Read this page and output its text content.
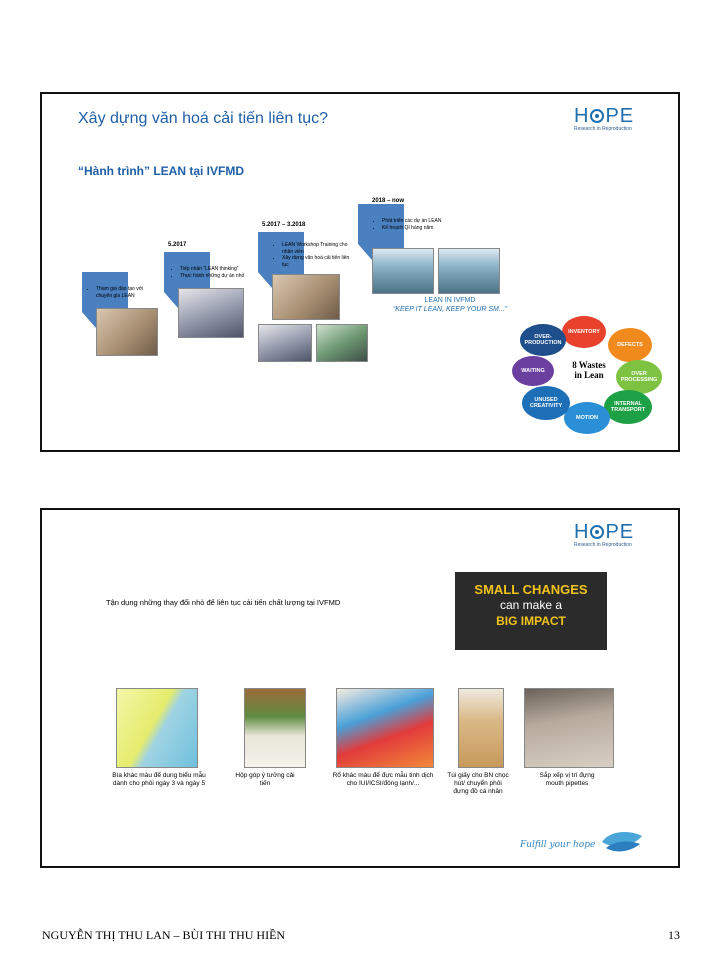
Xây dựng văn hoá cải tiến liên tục?	H PE
Research in Reproduction
“Hành trình” LEAN tại IVFMD
• Tham gia đào tạo với chuyên gia LEAN
5.2017
• Tiếp nhận “LEAN thinking”
• Thực hành những dự án nhỏ
5.2017 – 3.2018
• LEAN Workshop Training cho nhân viên
• Xây dựng văn hoá cải tiến liên tục
2018 – now
• Phát triển các dự án LEAN
• Kế hoạch QI hàng năm
LEAN IN IVFMD
“KEEP IT LEAN, KEEP YOUR SM...”
INVENTORY
DEFECTS
OVER PROCESSING
INTERNAL TRANSPORT
MOTION
UNUSED CREATIVITY
WAITING
OVER-PRODUCTION
8 Wastes
in Lean
H PE
Research in Reproduction
Tận dụng những thay đổi nhỏ để liên tục cải tiến chất lượng tại IVFMD
SMALL CHANGES
can make a
BIG IMPACT
Bìa khác màu để dung biểu mẫu dành cho phôi ngày 3 và ngày 5
Hộp góp ý tưởng cải tiến
Rổ khác màu để đực mẫu tinh dịch cho IUI/ICSI/đông lạnh/...
Túi giấy cho BN chọc hút/ chuyển phôi đựng đồ cá nhân
Sắp xếp vị trí đựng mouth pipettes
Fulfill your hope
NGUYỄN THỊ THU LAN – BÙI THI THU HIỀN	13
